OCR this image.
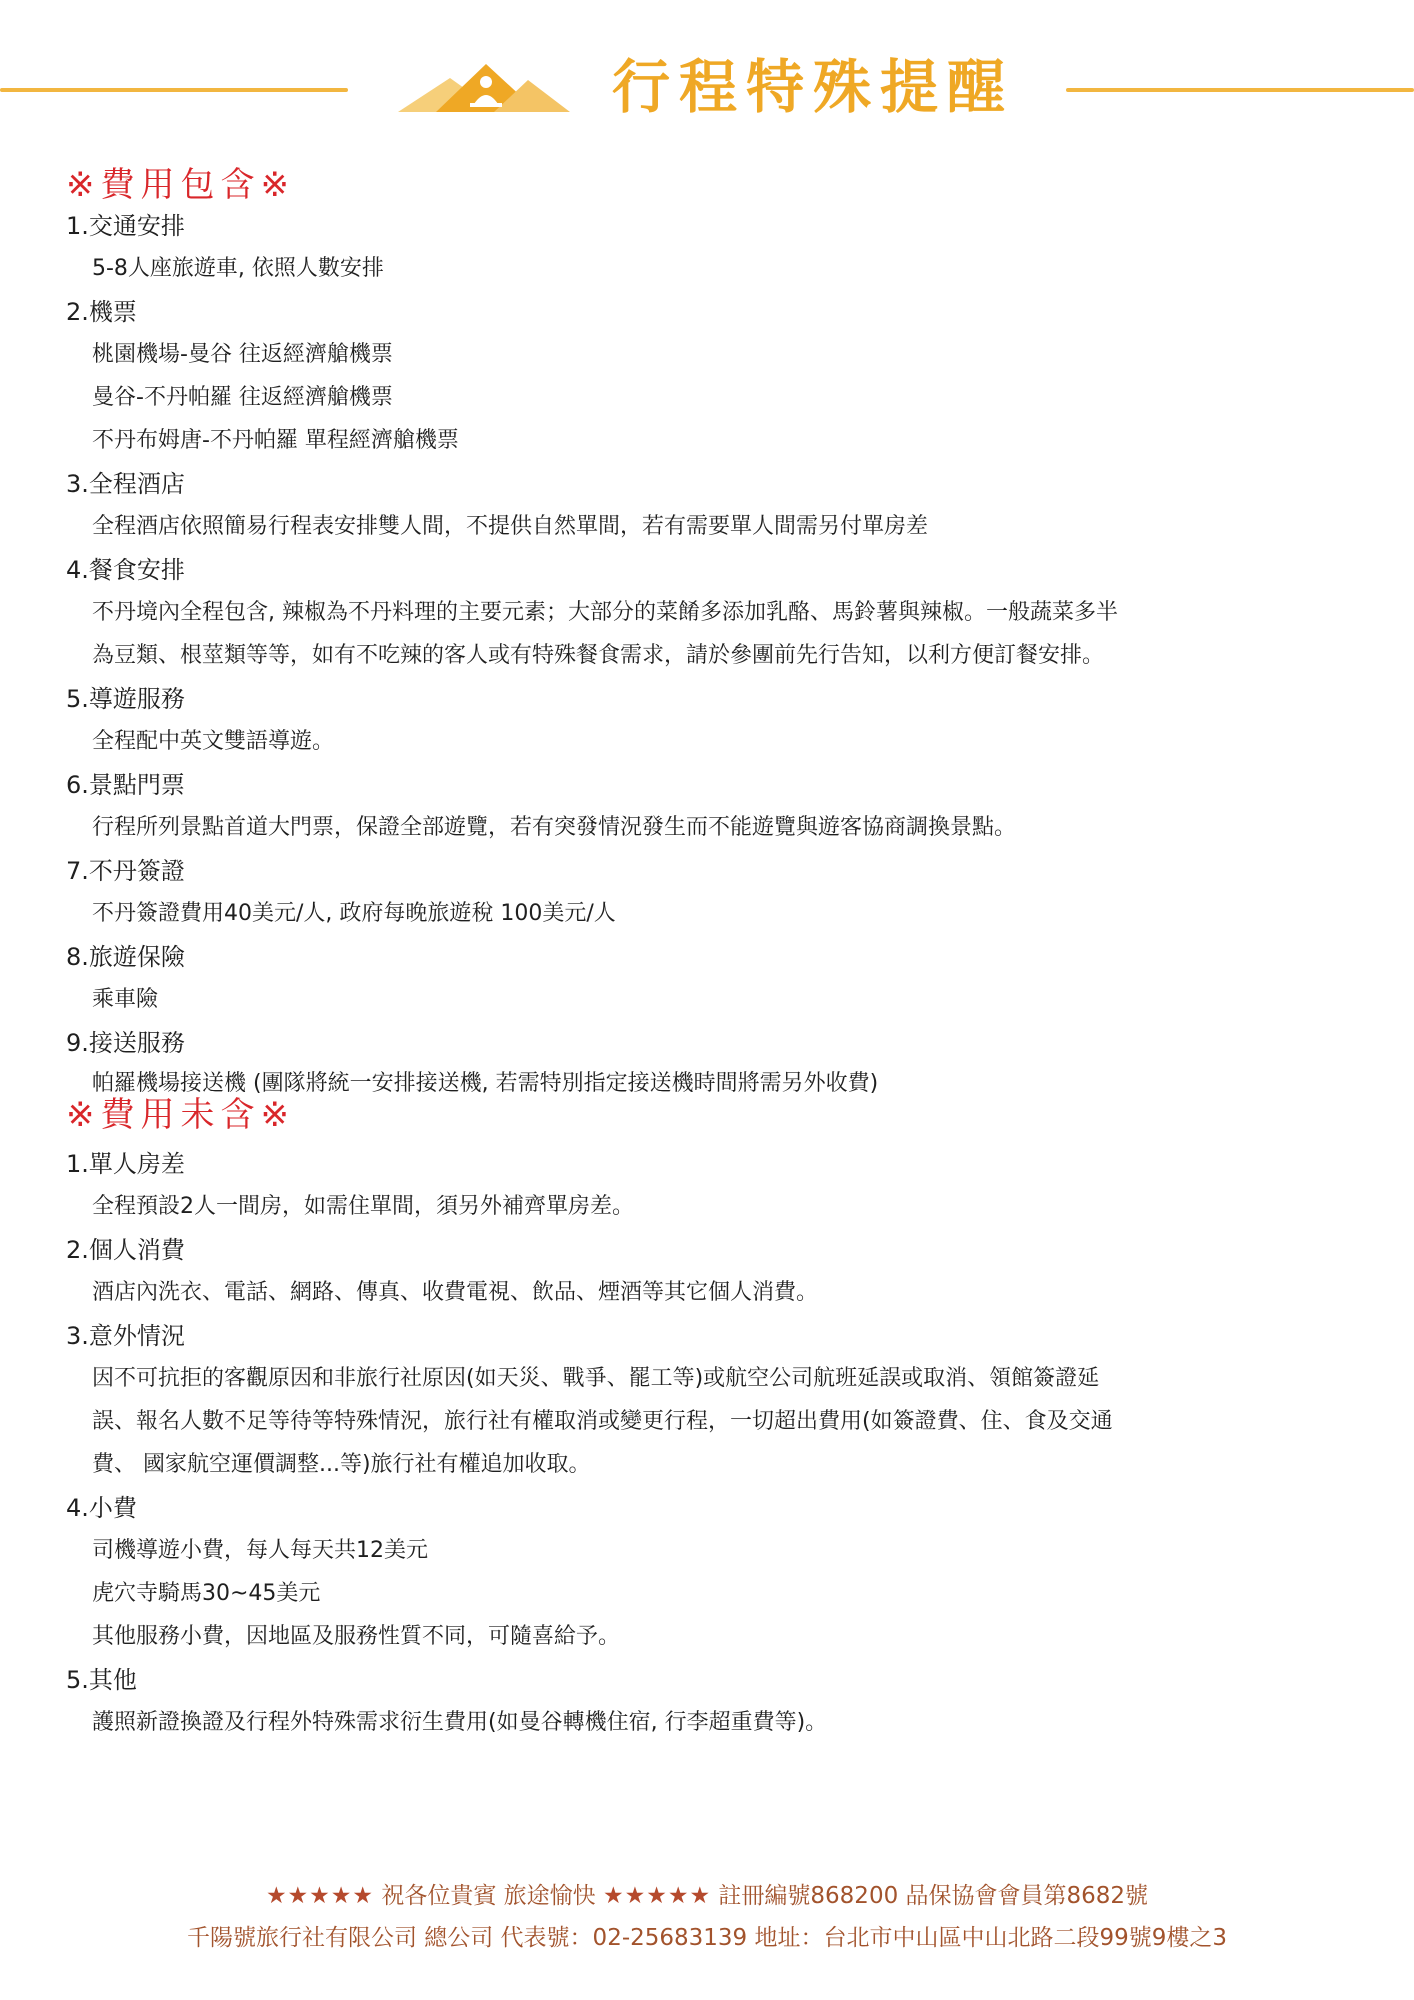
行程特殊提醒
※費用包含※
1.交通安排
5-8人座旅遊車, 依照人數安排
2.機票
桃園機場-曼谷 往返經濟艙機票
曼谷-不丹帕羅 往返經濟艙機票
不丹布姆唐-不丹帕羅 單程經濟艙機票
3.全程酒店
全程酒店依照簡易行程表安排雙人間，不提供自然單間，若有需要單人間需另付單房差
4.餐食安排
不丹境內全程包含, 辣椒為不丹料理的主要元素；大部分的菜餚多添加乳酪、馬鈴薯與辣椒。一般蔬菜多半
為豆類、根莖類等等，如有不吃辣的客人或有特殊餐食需求，請於參團前先行告知，以利方便訂餐安排。
5.導遊服務
全程配中英文雙語導遊。
6.景點門票
行程所列景點首道大門票，保證全部遊覽，若有突發情況發生而不能遊覽與遊客協商調換景點。
7.不丹簽證
不丹簽證費用40美元/人, 政府每晚旅遊稅 100美元/人
8.旅遊保險
乘車險
9.接送服務
帕羅機場接送機 (團隊將統一安排接送機, 若需特別指定接送機時間將需另外收費)
※費用未含※
1.單人房差
全程預設2人一間房，如需住單間，須另外補齊單房差。
2.個人消費
酒店內洗衣、電話、網路、傳真、收費電視、飲品、煙酒等其它個人消費。
3.意外情況
因不可抗拒的客觀原因和非旅行社原因(如天災、戰爭、罷工等)或航空公司航班延誤或取消、領館簽證延
誤、報名人數不足等待等特殊情況，旅行社有權取消或變更行程，一切超出費用(如簽證費、住、食及交通
費、 國家航空運價調整...等)旅行社有權追加收取。
4.小費
司機導遊小費，每人每天共12美元
虎穴寺騎馬30~45美元
其他服務小費，因地區及服務性質不同，可隨喜給予。
5.其他
護照新證換證及行程外特殊需求衍生費用(如曼谷轉機住宿, 行李超重費等)。
★★★★★ 祝各位貴賓 旅途愉快 ★★★★★ 註冊編號868200 品保協會會員第8682號
千陽號旅行社有限公司 總公司 代表號：02-25683139 地址：台北市中山區中山北路二段99號9樓之3
